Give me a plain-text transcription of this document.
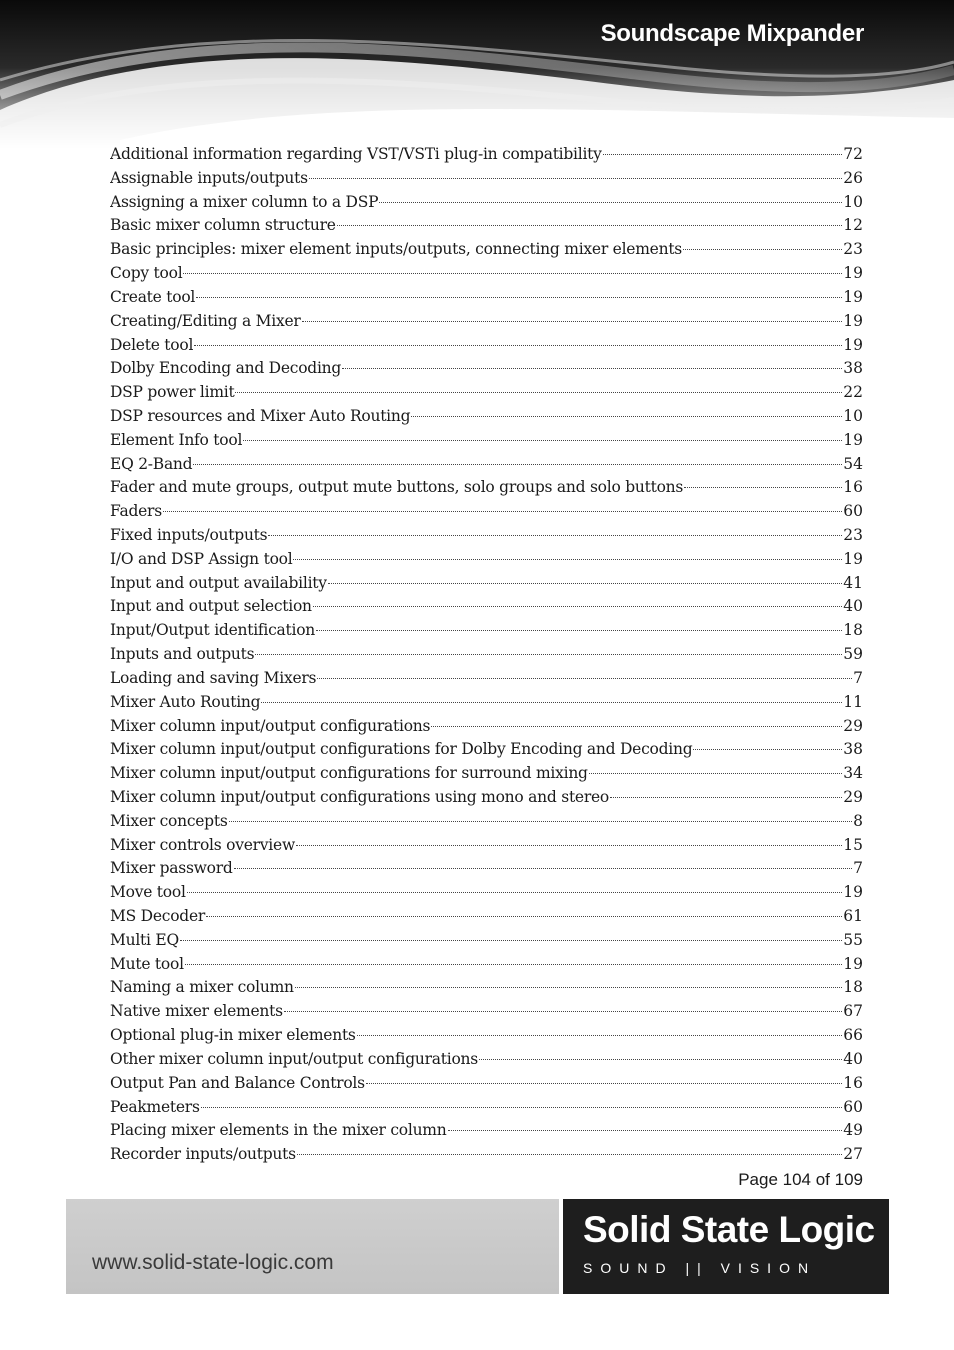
Soundscape Mixpander
Additional information regarding VST/VSTi plug-in compatibility	72
Assignable inputs/outputs	26
Assigning a mixer column to a DSP	10
Basic mixer column structure	12
Basic principles: mixer element inputs/outputs, connecting mixer elements	23
Copy tool	19
Create tool	19
Creating/Editing a Mixer	19
Delete tool	19
Dolby Encoding and Decoding	38
DSP power limit	22
DSP resources and Mixer Auto Routing	10
Element Info tool	19
EQ 2-Band	54
Fader and mute groups, output mute buttons, solo groups and solo buttons	16
Faders	60
Fixed inputs/outputs	23
I/O and DSP Assign tool	19
Input and output availability	41
Input and output selection	40
Input/Output identification	18
Inputs and outputs	59
Loading and saving Mixers	7
Mixer Auto Routing	11
Mixer column input/output configurations	29
Mixer column input/output configurations for Dolby Encoding and Decoding	38
Mixer column input/output configurations for surround mixing	34
Mixer column input/output configurations using mono and stereo	29
Mixer concepts	8
Mixer controls overview	15
Mixer password	7
Move tool	19
MS Decoder	61
Multi EQ	55
Mute tool	19
Naming a mixer column	18
Native mixer elements	67
Optional plug-in mixer elements	66
Other mixer column input/output configurations	40
Output Pan and Balance Controls	16
Peakmeters	60
Placing mixer elements in the mixer column	49
Recorder inputs/outputs	27
Page 104 of 109
www.solid-state-logic.com
Solid State Logic
SOUND || VISION
